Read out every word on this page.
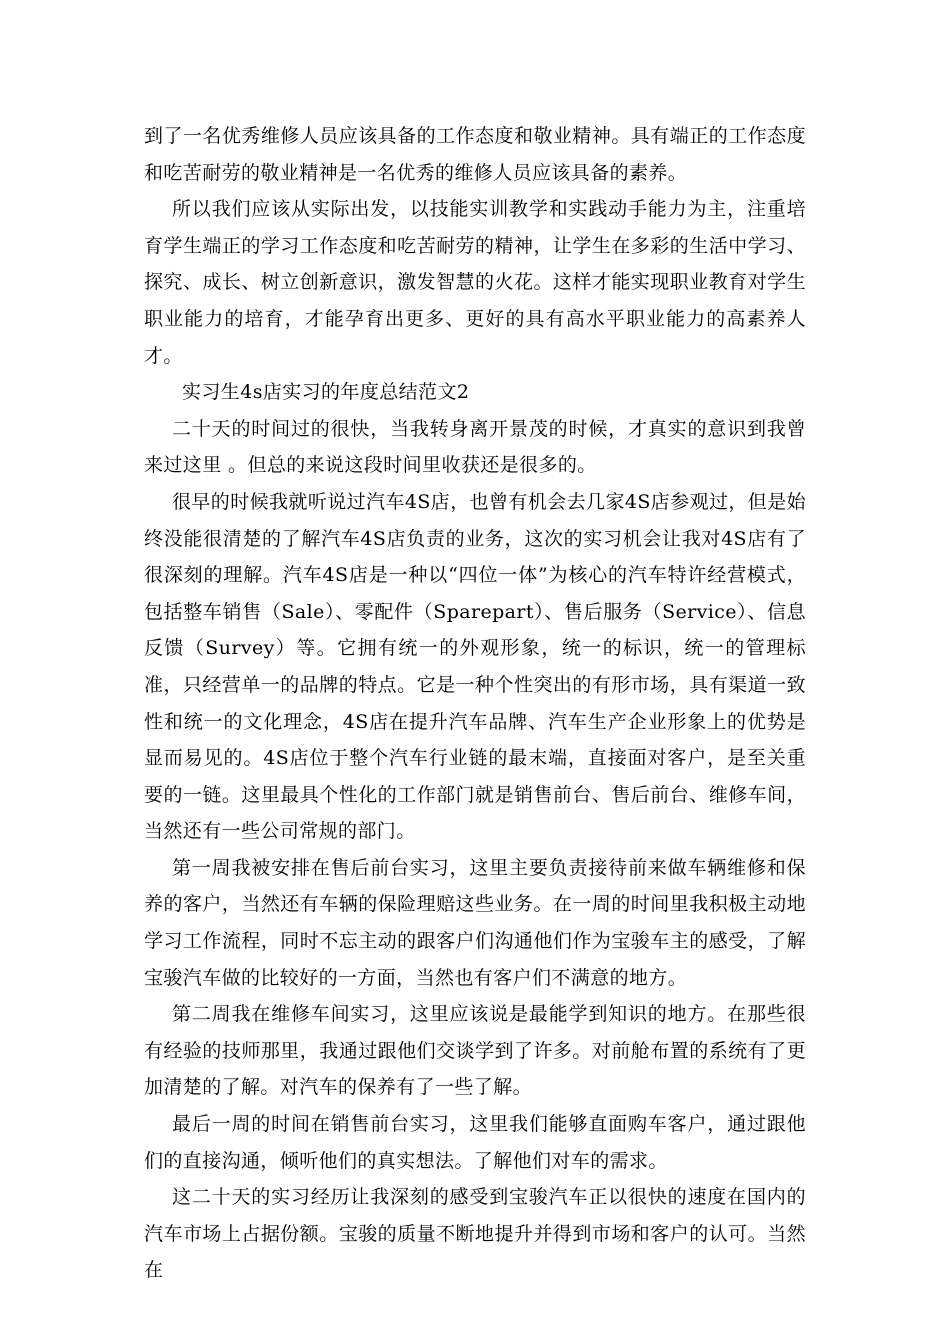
到了一名优秀维修人员应该具备的工作态度和敬业精神。具有端正的工作态度和吃苦耐劳的敬业精神是一名优秀的维修人员应该具备的素养。

所以我们应该从实际出发，以技能实训教学和实践动手能力为主，注重培育学生端正的学习工作态度和吃苦耐劳的精神，让学生在多彩的生活中学习、探究、成长、树立创新意识，激发智慧的火花。这样才能实现职业教育对学生职业能力的培育，才能孕育出更多、更好的具有高水平职业能力的高素养人才。

实习生4s店实习的年度总结范文2

二十天的时间过的很快，当我转身离开景茂的时候，才真实的意识到我曾来过这里 。但总的来说这段时间里收获还是很多的。

很早的时候我就听说过汽车4S店，也曾有机会去几家4S店参观过，但是始终没能很清楚的了解汽车4S店负责的业务，这次的实习机会让我对4S店有了很深刻的理解。汽车4S店是一种以“四位一体”为核心的汽车特许经营模式，包括整车销售（Sale）、零配件（Sparepart）、售后服务（Service）、信息反馈（Survey）等。它拥有统一的外观形象，统一的标识，统一的管理标准，只经营单一的品牌的特点。它是一种个性突出的有形市场，具有渠道一致性和统一的文化理念，4S店在提升汽车品牌、汽车生产企业形象上的优势是显而易见的。4S店位于整个汽车行业链的最末端，直接面对客户，是至关重要的一链。这里最具个性化的工作部门就是销售前台、售后前台、维修车间，当然还有一些公司常规的部门。

第一周我被安排在售后前台实习，这里主要负责接待前来做车辆维修和保养的客户，当然还有车辆的保险理赔这些业务。在一周的时间里我积极主动地学习工作流程，同时不忘主动的跟客户们沟通他们作为宝骏车主的感受，了解宝骏汽车做的比较好的一方面，当然也有客户们不满意的地方。

第二周我在维修车间实习，这里应该说是最能学到知识的地方。在那些很有经验的技师那里，我通过跟他们交谈学到了许多。对前舱布置的系统有了更加清楚的了解。对汽车的保养有了一些了解。

最后一周的时间在销售前台实习，这里我们能够直面购车客户，通过跟他们的直接沟通，倾听他们的真实想法。了解他们对车的需求。

这二十天的实习经历让我深刻的感受到宝骏汽车正以很快的速度在国内的汽车市场上占据份额。宝骏的质量不断地提升并得到市场和客户的认可。当然在
